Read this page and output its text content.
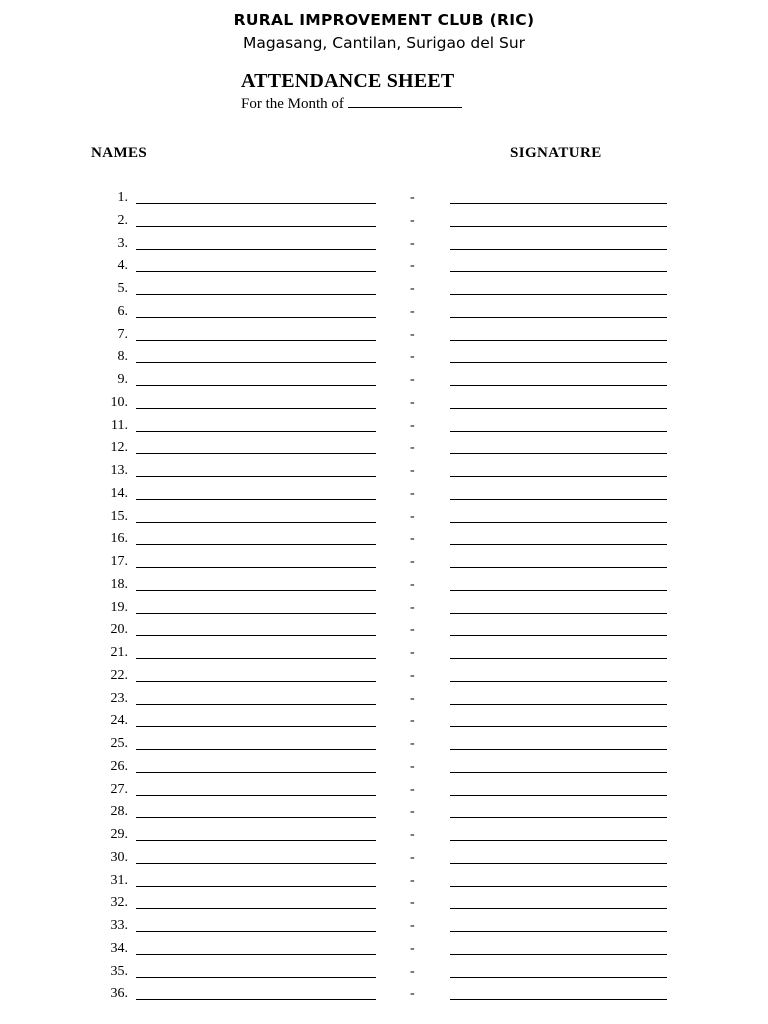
RURAL IMPROVEMENT CLUB (RIC)
Magasang, Cantilan, Surigao del Sur
ATTENDANCE SHEET
For the Month of
NAMES	SIGNATURE
1.	-
2.	-
3.	-
4.	-
5.	-
6.	-
7.	-
8.	-
9.	-
10.	-
11.	-
12.	-
13.	-
14.	-
15.	-
16.	-
17.	-
18.	-
19.	-
20.	-
21.	-
22.	-
23.	-
24.	-
25.	-
26.	-
27.	-
28.	-
29.	-
30.	-
31.	-
32.	-
33.	-
34.	-
35.	-
36.	-
